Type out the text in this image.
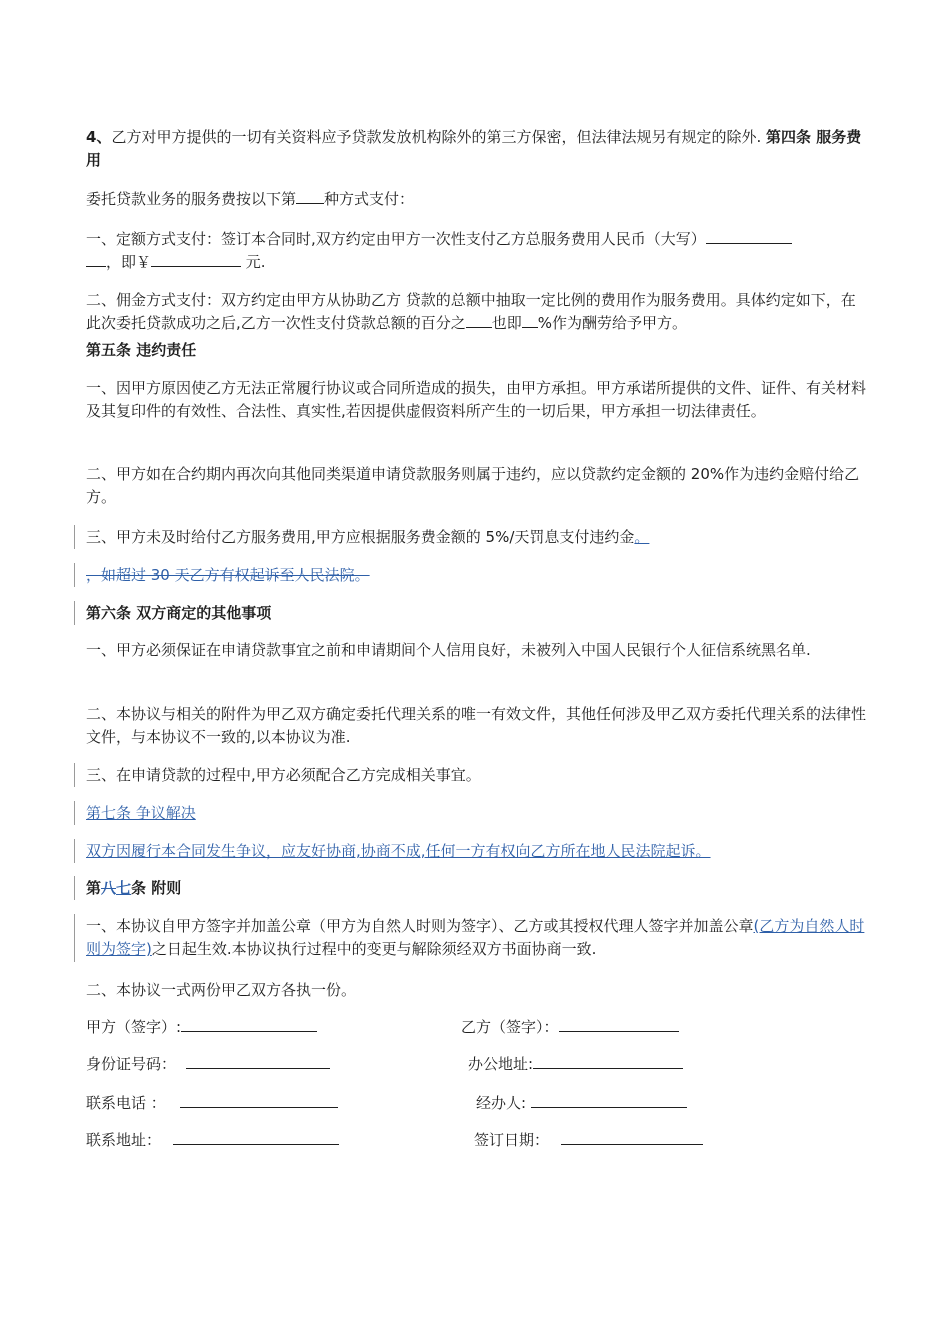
4、乙方对甲方提供的一切有关资料应予贷款发放机构除外的第三方保密，但法律法规另有规定的除外. 第四条 服务费用

委托贷款业务的服务费按以下第 种方式支付：

一、定额方式支付：签订本合同时,双方约定由甲方一次性支付乙方总服务费用人民币（大写）
，即￥	元.

二、佣金方式支付：双方约定由甲方从协助乙方 贷款的总额中抽取一定比例的费用作为服务费用。具体约定如下，在此次委托贷款成功之后,乙方一次性支付贷款总额的百分之 也即 %作为酬劳给予甲方。

第五条 违约责任

一、因甲方原因使乙方无法正常履行协议或合同所造成的损失，由甲方承担。甲方承诺所提供的文件、证件、有关材料及其复印件的有效性、合法性、真实性,若因提供虚假资料所产生的一切后果，甲方承担一切法律责任。

二、甲方如在合约期内再次向其他同类渠道申请贷款服务则属于违约，应以贷款约定金额的 20%作为违约金赔付给乙方。

三、甲方未及时给付乙方服务费用,甲方应根据服务费金额的 5%/天罚息支付违约金。

，如超过 30 天乙方有权起诉至人民法院。

第六条 双方商定的其他事项

一、甲方必须保证在申请贷款事宜之前和申请期间个人信用良好，未被列入中国人民银行个人征信系统黑名单.

二、本协议与相关的附件为甲乙双方确定委托代理关系的唯一有效文件，其他任何涉及甲乙双方委托代理关系的法律性文件，与本协议不一致的,以本协议为准.

三、在申请贷款的过程中,甲方必须配合乙方完成相关事宜。

第七条 争议解决

双方因履行本合同发生争议，应友好协商,协商不成,任何一方有权向乙方所在地人民法院起诉。

第八七条 附则

一、本协议自甲方签字并加盖公章（甲方为自然人时则为签字）、乙方或其授权代理人签字并加盖公章(乙方为自然人时则为签字)之日起生效.本协议执行过程中的变更与解除须经双方书面协商一致.

二、本协议一式两份甲乙双方各执一份。

甲方（签字）:	乙方（签字）：
身份证号码：	办公地址:
联系电话 ：	经办人:
联系地址：	签订日期：
